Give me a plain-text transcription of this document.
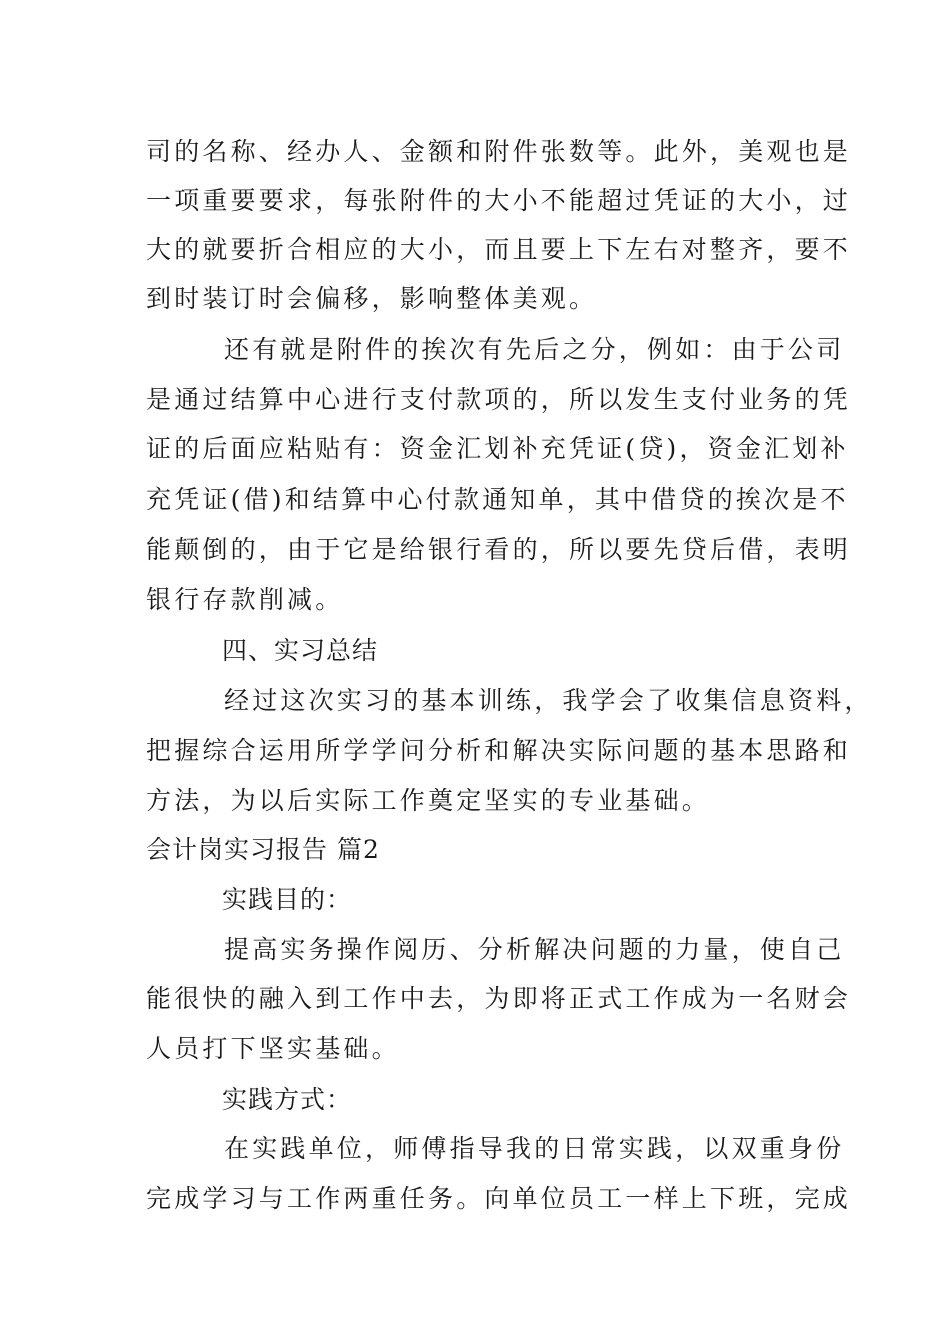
司的名称、经办人、金额和附件张数等。此外，美观也是
一项重要要求，每张附件的大小不能超过凭证的大小，过
大的就要折合相应的大小，而且要上下左右对整齐，要不
到时装订时会偏移，影响整体美观。
还有就是附件的挨次有先后之分，例如：由于公司
是通过结算中心进行支付款项的，所以发生支付业务的凭
证的后面应粘贴有：资金汇划补充凭证(贷)，资金汇划补
充凭证(借)和结算中心付款通知单，其中借贷的挨次是不
能颠倒的，由于它是给银行看的，所以要先贷后借，表明
银行存款削减。
四、实习总结
经过这次实习的基本训练，我学会了收集信息资料，
把握综合运用所学学问分析和解决实际问题的基本思路和
方法，为以后实际工作奠定坚实的专业基础。
会计岗实习报告 篇2
实践目的：
提高实务操作阅历、分析解决问题的力量，使自己
能很快的融入到工作中去，为即将正式工作成为一名财会
人员打下坚实基础。
实践方式：
在实践单位，师傅指导我的日常实践，以双重身份
完成学习与工作两重任务。向单位员工一样上下班，完成
